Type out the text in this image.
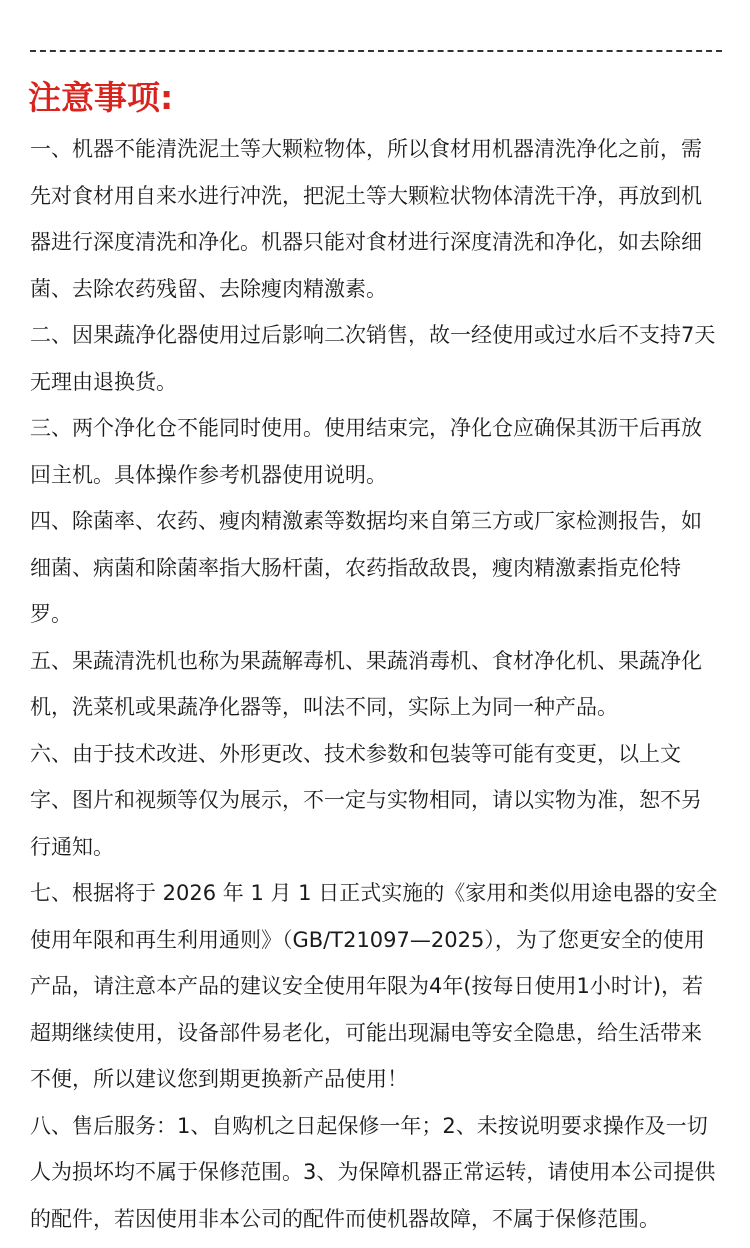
注意事项:
一、机器不能清洗泥土等大颗粒物体，所以食材用机器清洗净化之前，需先对食材用自来水进行冲洗，把泥土等大颗粒状物体清洗干净，再放到机器进行深度清洗和净化。机器只能对食材进行深度清洗和净化，如去除细菌、去除农药残留、去除瘦肉精激素。
二、因果蔬净化器使用过后影响二次销售，故一经使用或过水后不支持7天无理由退换货。
三、两个净化仓不能同时使用。使用结束完，净化仓应确保其沥干后再放回主机。具体操作参考机器使用说明。
四、除菌率、农药、瘦肉精激素等数据均来自第三方或厂家检测报告，如细菌、病菌和除菌率指大肠杆菌，农药指敌敌畏，瘦肉精激素指克伦特罗。
五、果蔬清洗机也称为果蔬解毒机、果蔬消毒机、食材净化机、果蔬净化机，洗菜机或果蔬净化器等，叫法不同，实际上为同一种产品。
六、由于技术改进、外形更改、技术参数和包装等可能有变更，以上文字、图片和视频等仅为展示，不一定与实物相同，请以实物为准，恕不另行通知。
七、根据将于 2026 年 1 月 1 日正式实施的《家用和类似用途电器的安全使用年限和再生利用通则》（GB/T21097—2025），为了您更安全的使用产品，请注意本产品的建议安全使用年限为4年(按每日使用1小时计)，若超期继续使用，设备部件易老化，可能出现漏电等安全隐患，给生活带来不便，所以建议您到期更换新产品使用！
八、售后服务：1、自购机之日起保修一年；2、未按说明要求操作及一切人为损坏均不属于保修范围。3、为保障机器正常运转，请使用本公司提供的配件，若因使用非本公司的配件而使机器故障，不属于保修范围。
